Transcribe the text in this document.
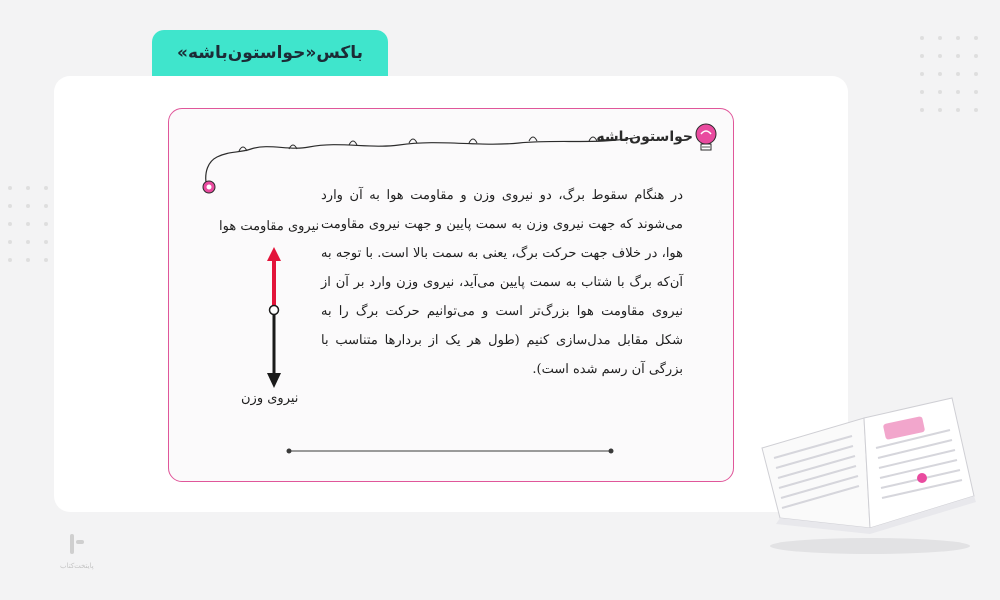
باکس«حواستون‌باشه»
حواستون‌باشه
در هنگام سقوط برگ، دو نیروی وزن و مقاومت هوا به آن وارد می‌شوند که جهت نیروی وزن به سمت پایین و جهت نیروی مقاومت هوا، در خلاف جهت حرکت برگ، یعنی به سمت بالا است. با توجه به آن‌که برگ با شتاب به سمت پایین می‌آید، نیروی وزن وارد بر آن از نیروی مقاومت هوا بزرگ‌تر است و می‌توانیم حرکت برگ را به شکل مقابل مدل‌سازی کنیم (طول هر یک از بردارها متناسب با بزرگی آن رسم شده است).
نیروی مقاومت هوا
نیروی وزن
پایتخت‌کتاب
